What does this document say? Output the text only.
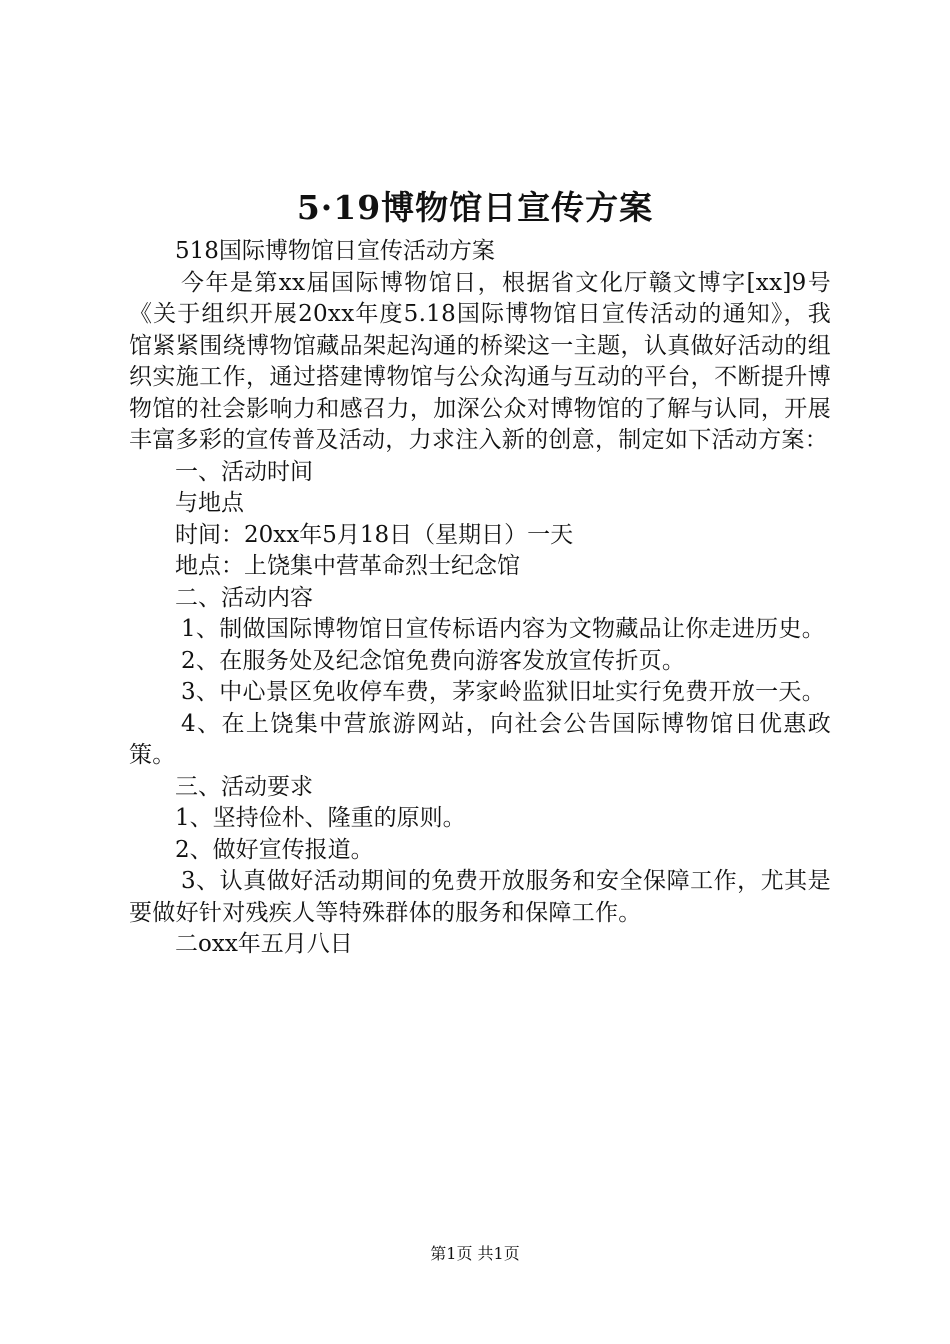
5·19博物馆日宣传方案

518国际博物馆日宣传活动方案

今年是第xx届国际博物馆日，根据省文化厅赣文博字[xx]9号《关于组织开展20xx年度5.18国际博物馆日宣传活动的通知》，我馆紧紧围绕博物馆藏品架起沟通的桥梁这一主题，认真做好活动的组织实施工作，通过搭建博物馆与公众沟通与互动的平台，不断提升博物馆的社会影响力和感召力，加深公众对博物馆的了解与认同，开展丰富多彩的宣传普及活动，力求注入新的创意，制定如下活动方案：

一、活动时间

与地点

时间：20xx年5月18日（星期日）一天

地点：上饶集中营革命烈士纪念馆

二、活动内容

1、制做国际博物馆日宣传标语内容为文物藏品让你走进历史。

2、在服务处及纪念馆免费向游客发放宣传折页。

3、中心景区免收停车费，茅家岭监狱旧址实行免费开放一天。

4、在上饶集中营旅游网站，向社会公告国际博物馆日优惠政策。

三、活动要求

1、坚持俭朴、隆重的原则。

2、做好宣传报道。

3、认真做好活动期间的免费开放服务和安全保障工作，尤其是要做好针对残疾人等特殊群体的服务和保障工作。

二oxx年五月八日

第1页 共1页
